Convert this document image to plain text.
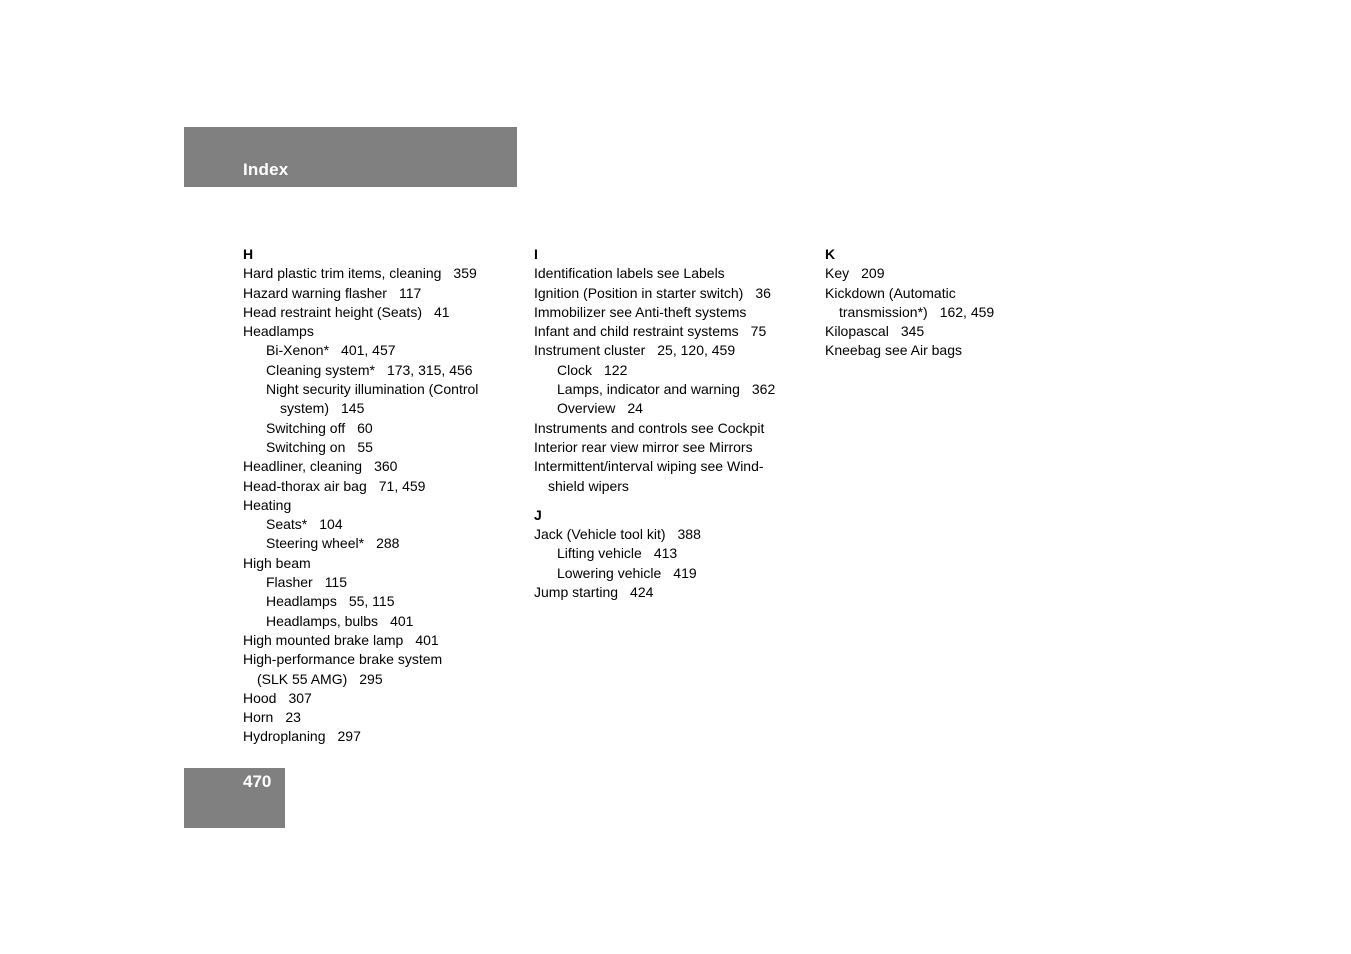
Index
H
Hard plastic trim items, cleaning 359
Hazard warning flasher 117
Head restraint height (Seats) 41
Headlamps
Bi-Xenon* 401, 457
Cleaning system* 173, 315, 456
Night security illumination (Control
system) 145
Switching off 60
Switching on 55
Headliner, cleaning 360
Head-thorax air bag 71, 459
Heating
Seats* 104
Steering wheel* 288
High beam
Flasher 115
Headlamps 55, 115
Headlamps, bulbs 401
High mounted brake lamp 401
High-performance brake system
(SLK 55 AMG) 295
Hood 307
Horn 23
Hydroplaning 297
I
Identification labels see Labels
Ignition (Position in starter switch) 36
Immobilizer see Anti-theft systems
Infant and child restraint systems 75
Instrument cluster 25, 120, 459
Clock 122
Lamps, indicator and warning 362
Overview 24
Instruments and controls see Cockpit
Interior rear view mirror see Mirrors
Intermittent/interval wiping see Wind-
shield wipers
J
Jack (Vehicle tool kit) 388
Lifting vehicle 413
Lowering vehicle 419
Jump starting 424
K
Key 209
Kickdown (Automatic
transmission*) 162, 459
Kilopascal 345
Kneebag see Air bags
470
